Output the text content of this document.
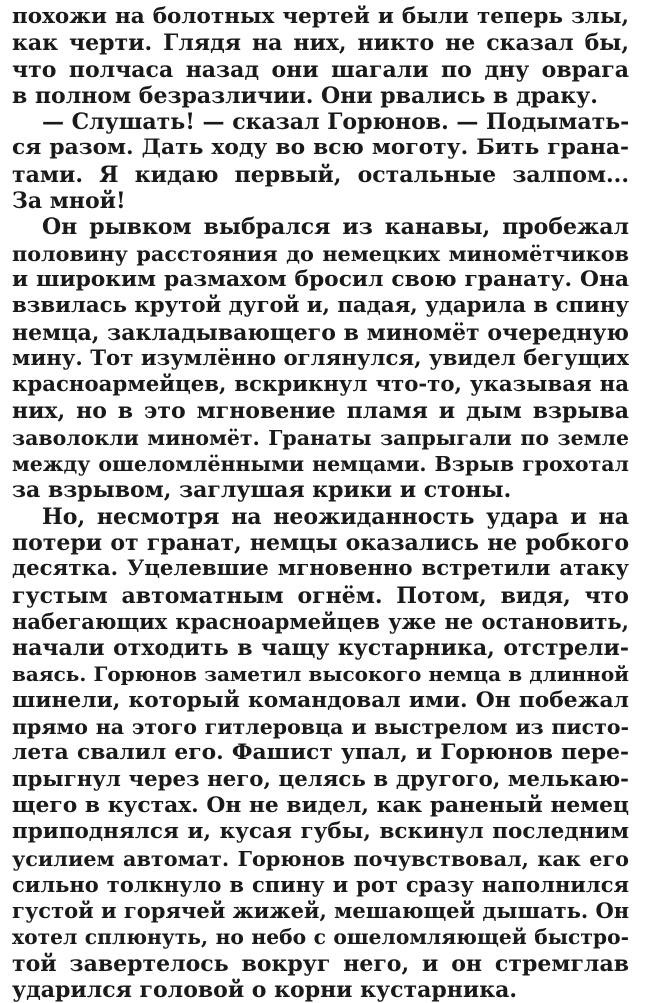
похожи на болотных чертей и были теперь злы,
как черти. Глядя на них, никто не сказал бы,
что полчаса назад они шагали по дну оврага
в полном безразличии. Они рвались в драку.
— Слушать! — сказал Горюнов. — Подымать-
ся разом. Дать ходу во всю моготу. Бить грана-
тами. Я кидаю первый, остальные залпом...
За мной!
Он рывком выбрался из канавы, пробежал
половину расстояния до немецких миномётчиков
и широким размахом бросил свою гранату. Она
взвилась крутой дугой и, падая, ударила в спину
немца, закладывающего в миномёт очередную
мину. Тот изумлённо оглянулся, увидел бегущих
красноармейцев, вскрикнул что-то, указывая на
них, но в это мгновение пламя и дым взрыва
заволокли миномёт. Гранаты запрыгали по земле
между ошеломлёнными немцами. Взрыв грохотал
за взрывом, заглушая крики и стоны.
Но, несмотря на неожиданность удара и на
потери от гранат, немцы оказались не робкого
десятка. Уцелевшие мгновенно встретили атаку
густым автоматным огнём. Потом, видя, что
набегающих красноармейцев уже не остановить,
начали отходить в чащу кустарника, отстрели-
ваясь. Горюнов заметил высокого немца в длинной
шинели, который командовал ими. Он побежал
прямо на этого гитлеровца и выстрелом из писто-
лета свалил его. Фашист упал, и Горюнов пере-
прыгнул через него, целясь в другого, мелькаю-
щего в кустах. Он не видел, как раненый немец
приподнялся и, кусая губы, вскинул последним
усилием автомат. Горюнов почувствовал, как его
сильно толкнуло в спину и рот сразу наполнился
густой и горячей жижей, мешающей дышать. Он
хотел сплюнуть, но небо с ошеломляющей быстро-
той завертелось вокруг него, и он стремглав
ударился головой о корни кустарника.
